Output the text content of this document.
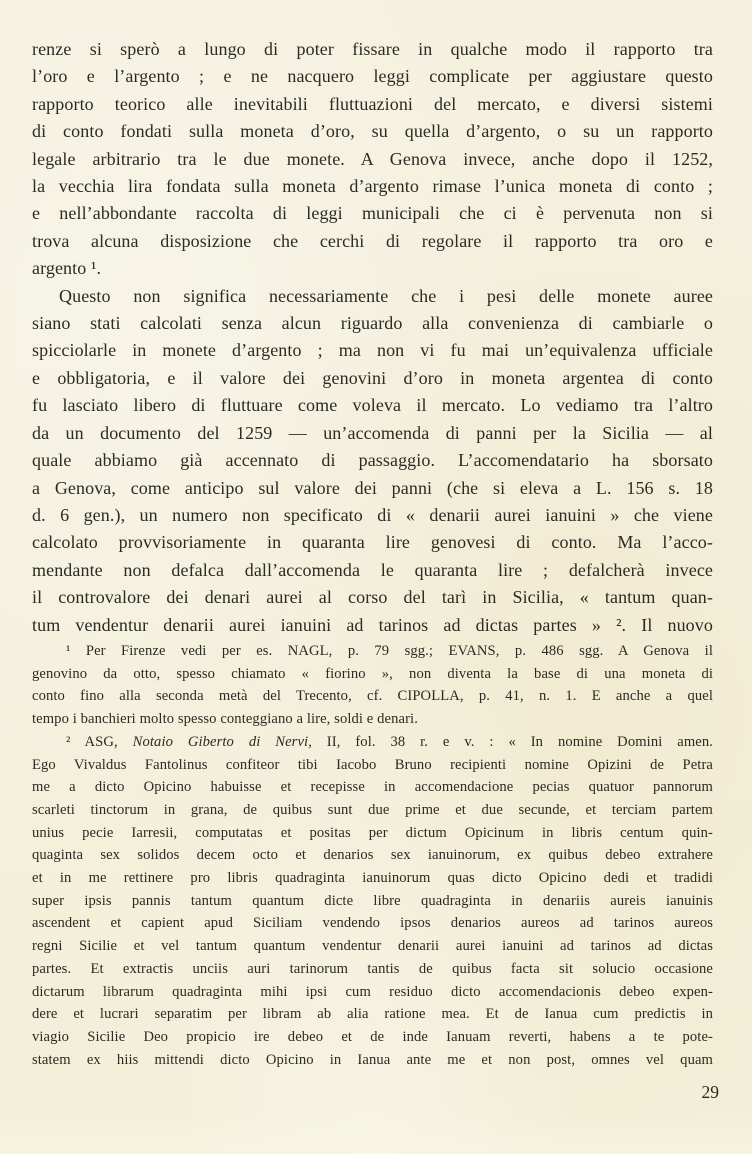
renze si sperò a lungo di poter fissare in qualche modo il rapporto tra
l’oro e l’argento ; e ne nacquero leggi complicate per aggiustare questo
rapporto teorico alle inevitabili fluttuazioni del mercato, e diversi sistemi
di conto fondati sulla moneta d’oro, su quella d’argento, o su un rapporto
legale arbitrario tra le due monete. A Genova invece, anche dopo il 1252,
la vecchia lira fondata sulla moneta d’argento rimase l’unica moneta di conto ;
e nell’abbondante raccolta di leggi municipali che ci è pervenuta non si
trova alcuna disposizione che cerchi di regolare il rapporto tra oro e
argento ¹.
Questo non significa necessariamente che i pesi delle monete auree
siano stati calcolati senza alcun riguardo alla convenienza di cambiarle o
spicciolarle in monete d’argento ; ma non vi fu mai un’equivalenza ufficiale
e obbligatoria, e il valore dei genovini d’oro in moneta argentea di conto
fu lasciato libero di fluttuare come voleva il mercato. Lo vediamo tra l’altro
da un documento del 1259 — un’accomenda di panni per la Sicilia — al
quale abbiamo già accennato di passaggio. L’accomendatario ha sborsato
a Genova, come anticipo sul valore dei panni (che si eleva a L. 156 s. 18
d. 6 gen.), un numero non specificato di « denarii aurei ianuini » che viene
calcolato provvisoriamente in quaranta lire genovesi di conto. Ma l’acco-
mendante non defalca dall’accomenda le quaranta lire ; defalcherà invece
il controvalore dei denari aurei al corso del tarì in Sicilia, « tantum quan-
tum vendentur denarii aurei ianuini ad tarinos ad dictas partes » ². Il nuovo
¹ Per Firenze vedi per es. NAGL, p. 79 sgg.; EVANS, p. 486 sgg. A Genova il
genovino da otto, spesso chiamato « fiorino », non diventa la base di una moneta di
conto fino alla seconda metà del Trecento, cf. CIPOLLA, p. 41, n. 1. E anche a quel
tempo i banchieri molto spesso conteggiano a lire, soldi e denari.
² ASG, Notaio Giberto di Nervi, II, fol. 38 r. e v. : « In nomine Domini amen.
Ego Vivaldus Fantolinus confiteor tibi Iacobo Bruno recipienti nomine Opizini de Petra
me a dicto Opicino habuisse et recepisse in accomendacione pecias quatuor pannorum
scarleti tinctorum in grana, de quibus sunt due prime et due secunde, et terciam partem
unius pecie Iarresii, computatas et positas per dictum Opicinum in libris centum quin-
quaginta sex solidos decem octo et denarios sex ianuinorum, ex quibus debeo extrahere
et in me rettinere pro libris quadraginta ianuinorum quas dicto Opicino dedi et tradidi
super ipsis pannis tantum quantum dicte libre quadraginta in denariis aureis ianuinis
ascendent et capient apud Siciliam vendendo ipsos denarios aureos ad tarinos aureos
regni Sicilie et vel tantum quantum vendentur denarii aurei ianuini ad tarinos ad dictas
partes. Et extractis unciis auri tarinorum tantis de quibus facta sit solucio occasione
dictarum librarum quadraginta mihi ipsi cum residuo dicto accomendacionis debeo expen-
dere et lucrari separatim per libram ab alia ratione mea. Et de Ianua cum predictis in
viagio Sicilie Deo propicio ire debeo et de inde Ianuam reverti, habens a te pote-
statem ex hiis mittendi dicto Opicino in Ianua ante me et non post, omnes vel quam
29
